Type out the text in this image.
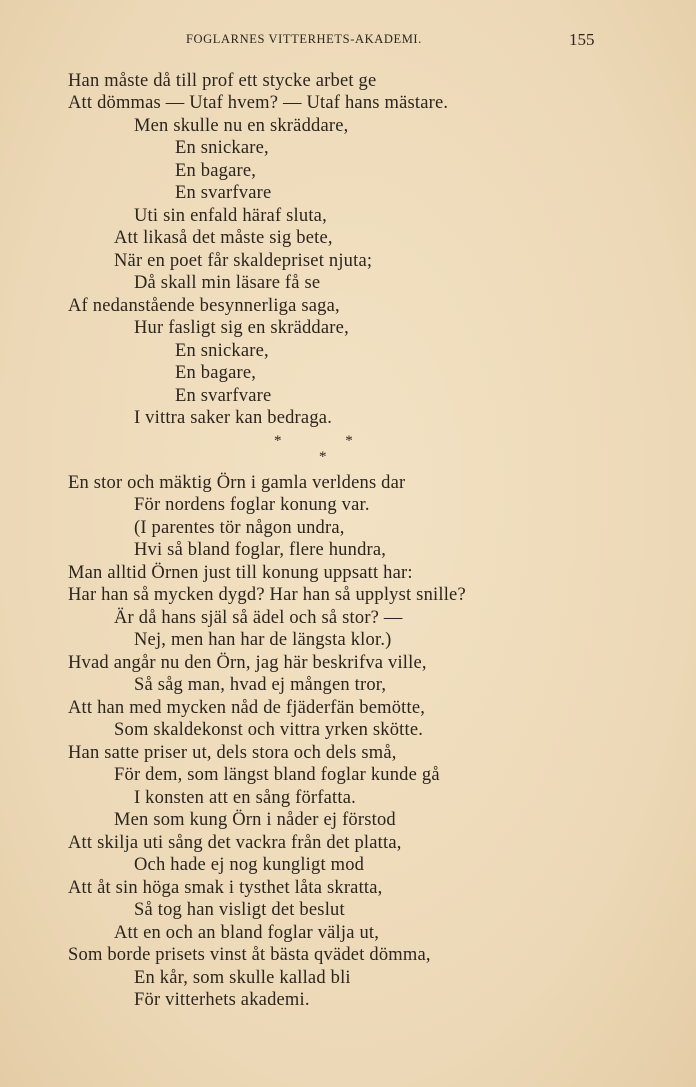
FOGLARNES VITTERHETS-AKADEMI.	155
Han måste då till prof ett stycke arbet ge
Att dömmas — Utaf hvem? — Utaf hans mästare.
Men skulle nu en skräddare,
En snickare,
En bagare,
En svarfvare
Uti sin enfald häraf sluta,
Att likaså det måste sig bete,
När en poet får skaldepriset njuta;
Då skall min läsare få se
Af nedanstående besynnerliga saga,
Hur fasligt sig en skräddare,
En snickare,
En bagare,
En svarfvare
I vittra saker kan bedraga.
* *
*
En stor och mäktig Örn i gamla verldens dar
För nordens foglar konung var.
(I parentes tör någon undra,
Hvi så bland foglar, flere hundra,
Man alltid Örnen just till konung uppsatt har:
Har han så mycken dygd? Har han så upplyst snille?
Är då hans själ så ädel och så stor? —
Nej, men han har de längsta klor.)
Hvad angår nu den Örn, jag här beskrifva ville,
Så såg man, hvad ej mången tror,
Att han med mycken nåd de fjäderfän bemötte,
Som skaldekonst och vittra yrken skötte.
Han satte priser ut, dels stora och dels små,
För dem, som längst bland foglar kunde gå
I konsten att en sång författa.
Men som kung Örn i nåder ej förstod
Att skilja uti sång det vackra från det platta,
Och hade ej nog kungligt mod
Att åt sin höga smak i tysthet låta skratta,
Så tog han visligt det beslut
Att en och an bland foglar välja ut,
Som borde prisets vinst åt bästa qvädet dömma,
En kår, som skulle kallad bli
För vitterhets akademi.
